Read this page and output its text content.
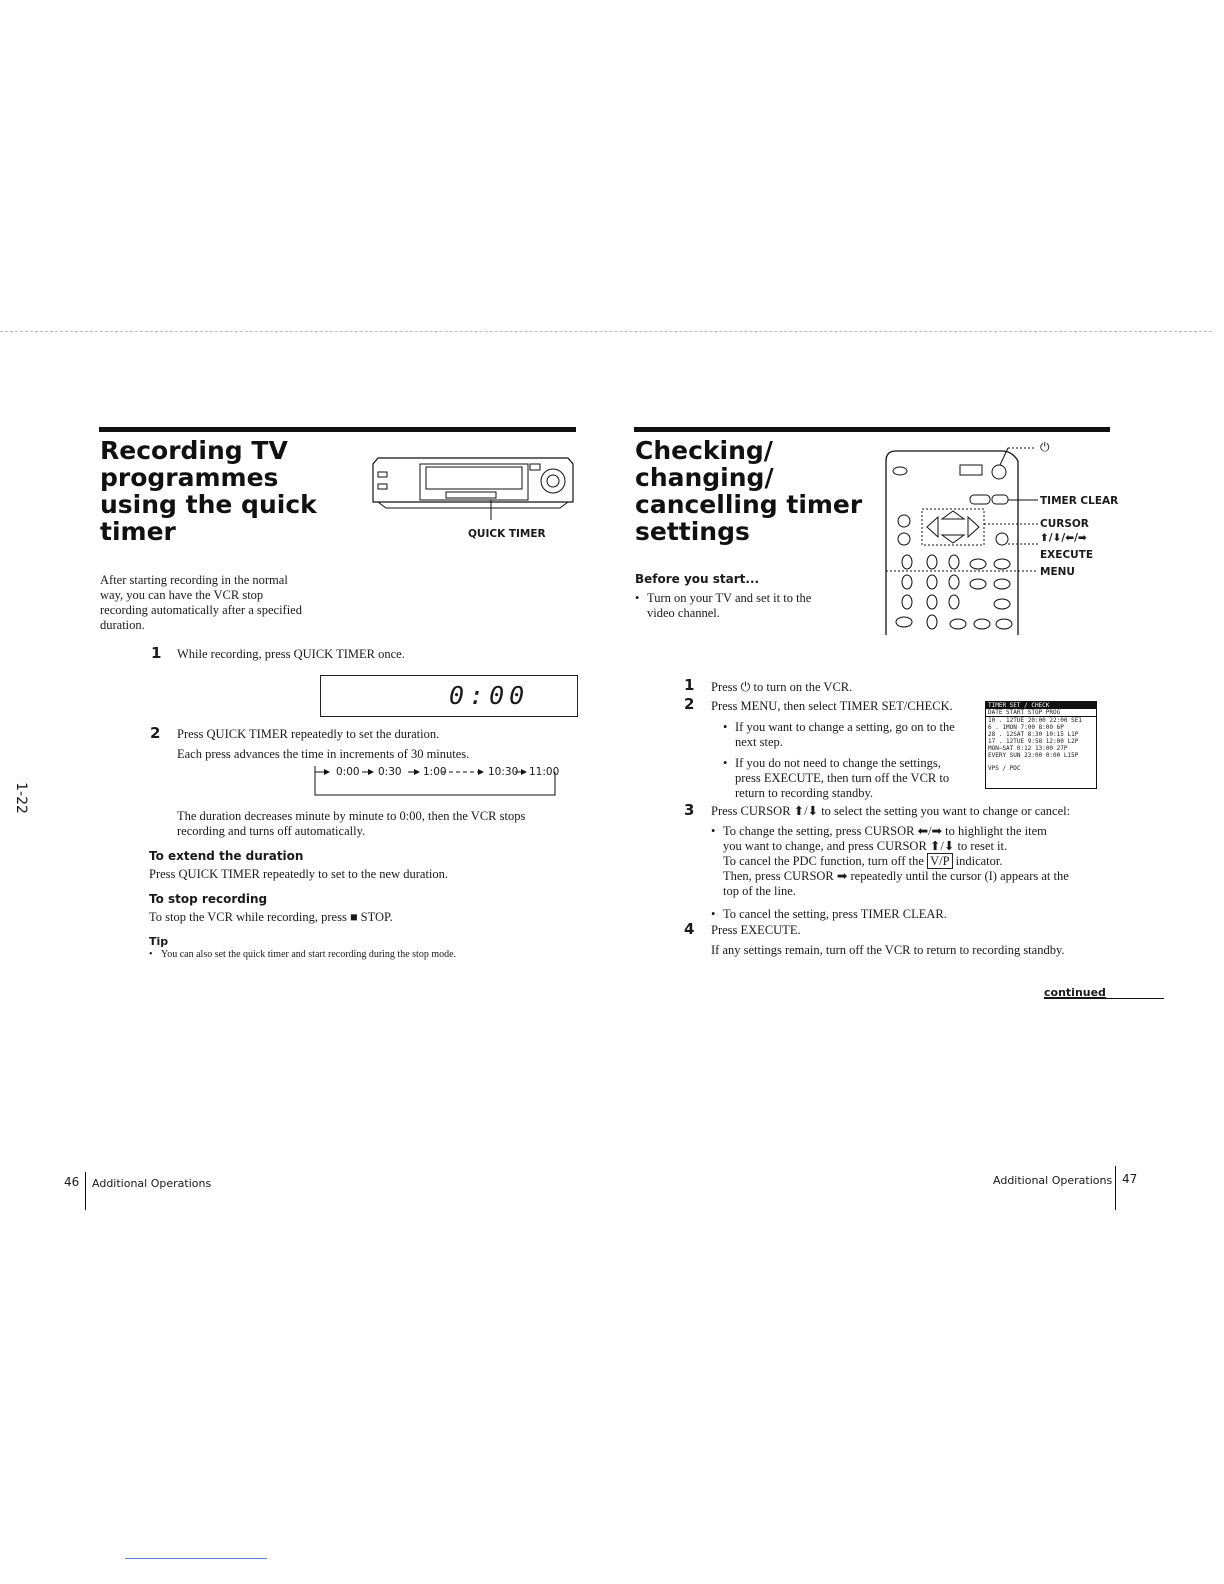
Recording TV
programmes
using the quick
timer	QUICK TIMER
After starting recording in the normal
way, you can have the VCR stop
recording automatically after a specified
duration.
1 While recording, press QUICK TIMER once.
0:00
2 Press QUICK TIMER repeatedly to set the duration.
Each press advances the time in increments of 30 minutes.
0:00 0:30 1:00	10:30 11:00
The duration decreases minute by minute to 0:00, then the VCR stops
recording and turns off automatically.
To extend the duration
Press QUICK TIMER repeatedly to set to the new duration.
To stop recording
To stop the VCR while recording, press ■ STOP.
Tip
• You can also set the quick timer and start recording during the stop mode.
1-22
Checking/
changing/
cancelling timer
settings
Before you start...
• Turn on your TV and set it to the
video channel.
⏻
TIMER CLEAR
CURSOR
⬆/⬇/⬅/➡
EXECUTE
MENU
1 Press ⏻ to turn on the VCR.
2 Press MENU, then select TIMER SET/CHECK.
• If you want to change a setting, go on to the
next step.
• If you do not need to change the settings,
press EXECUTE, then turn off the VCR to
return to recording standby.
TIMER SET / CHECK
DATE START STOP PROG
10 . 12TUE 20:00 22:00 SE1
6 . 1MON 7:00 8:00 6P
28 . 12SAT 8:30 10:15 L1P
17 . 12TUE 9:58 12:00 L2P
MON—SAT 0:12 13:00 27P
EVERY SUN 23:00 0:00 L15P
VPS / PDC
3 Press CURSOR ⬆/⬇ to select the setting you want to change or cancel:
• To change the setting, press CURSOR ⬅/➡ to highlight the item
you want to change, and press CURSOR ⬆/⬇ to reset it.
To cancel the PDC function, turn off the V/P indicator.
Then, press CURSOR ➡ repeatedly until the cursor (I) appears at the
top of the line.
• To cancel the setting, press TIMER CLEAR.
4 Press EXECUTE.
If any settings remain, turn off the VCR to return to recording standby.
continued
46 Additional Operations	Additional Operations 47
